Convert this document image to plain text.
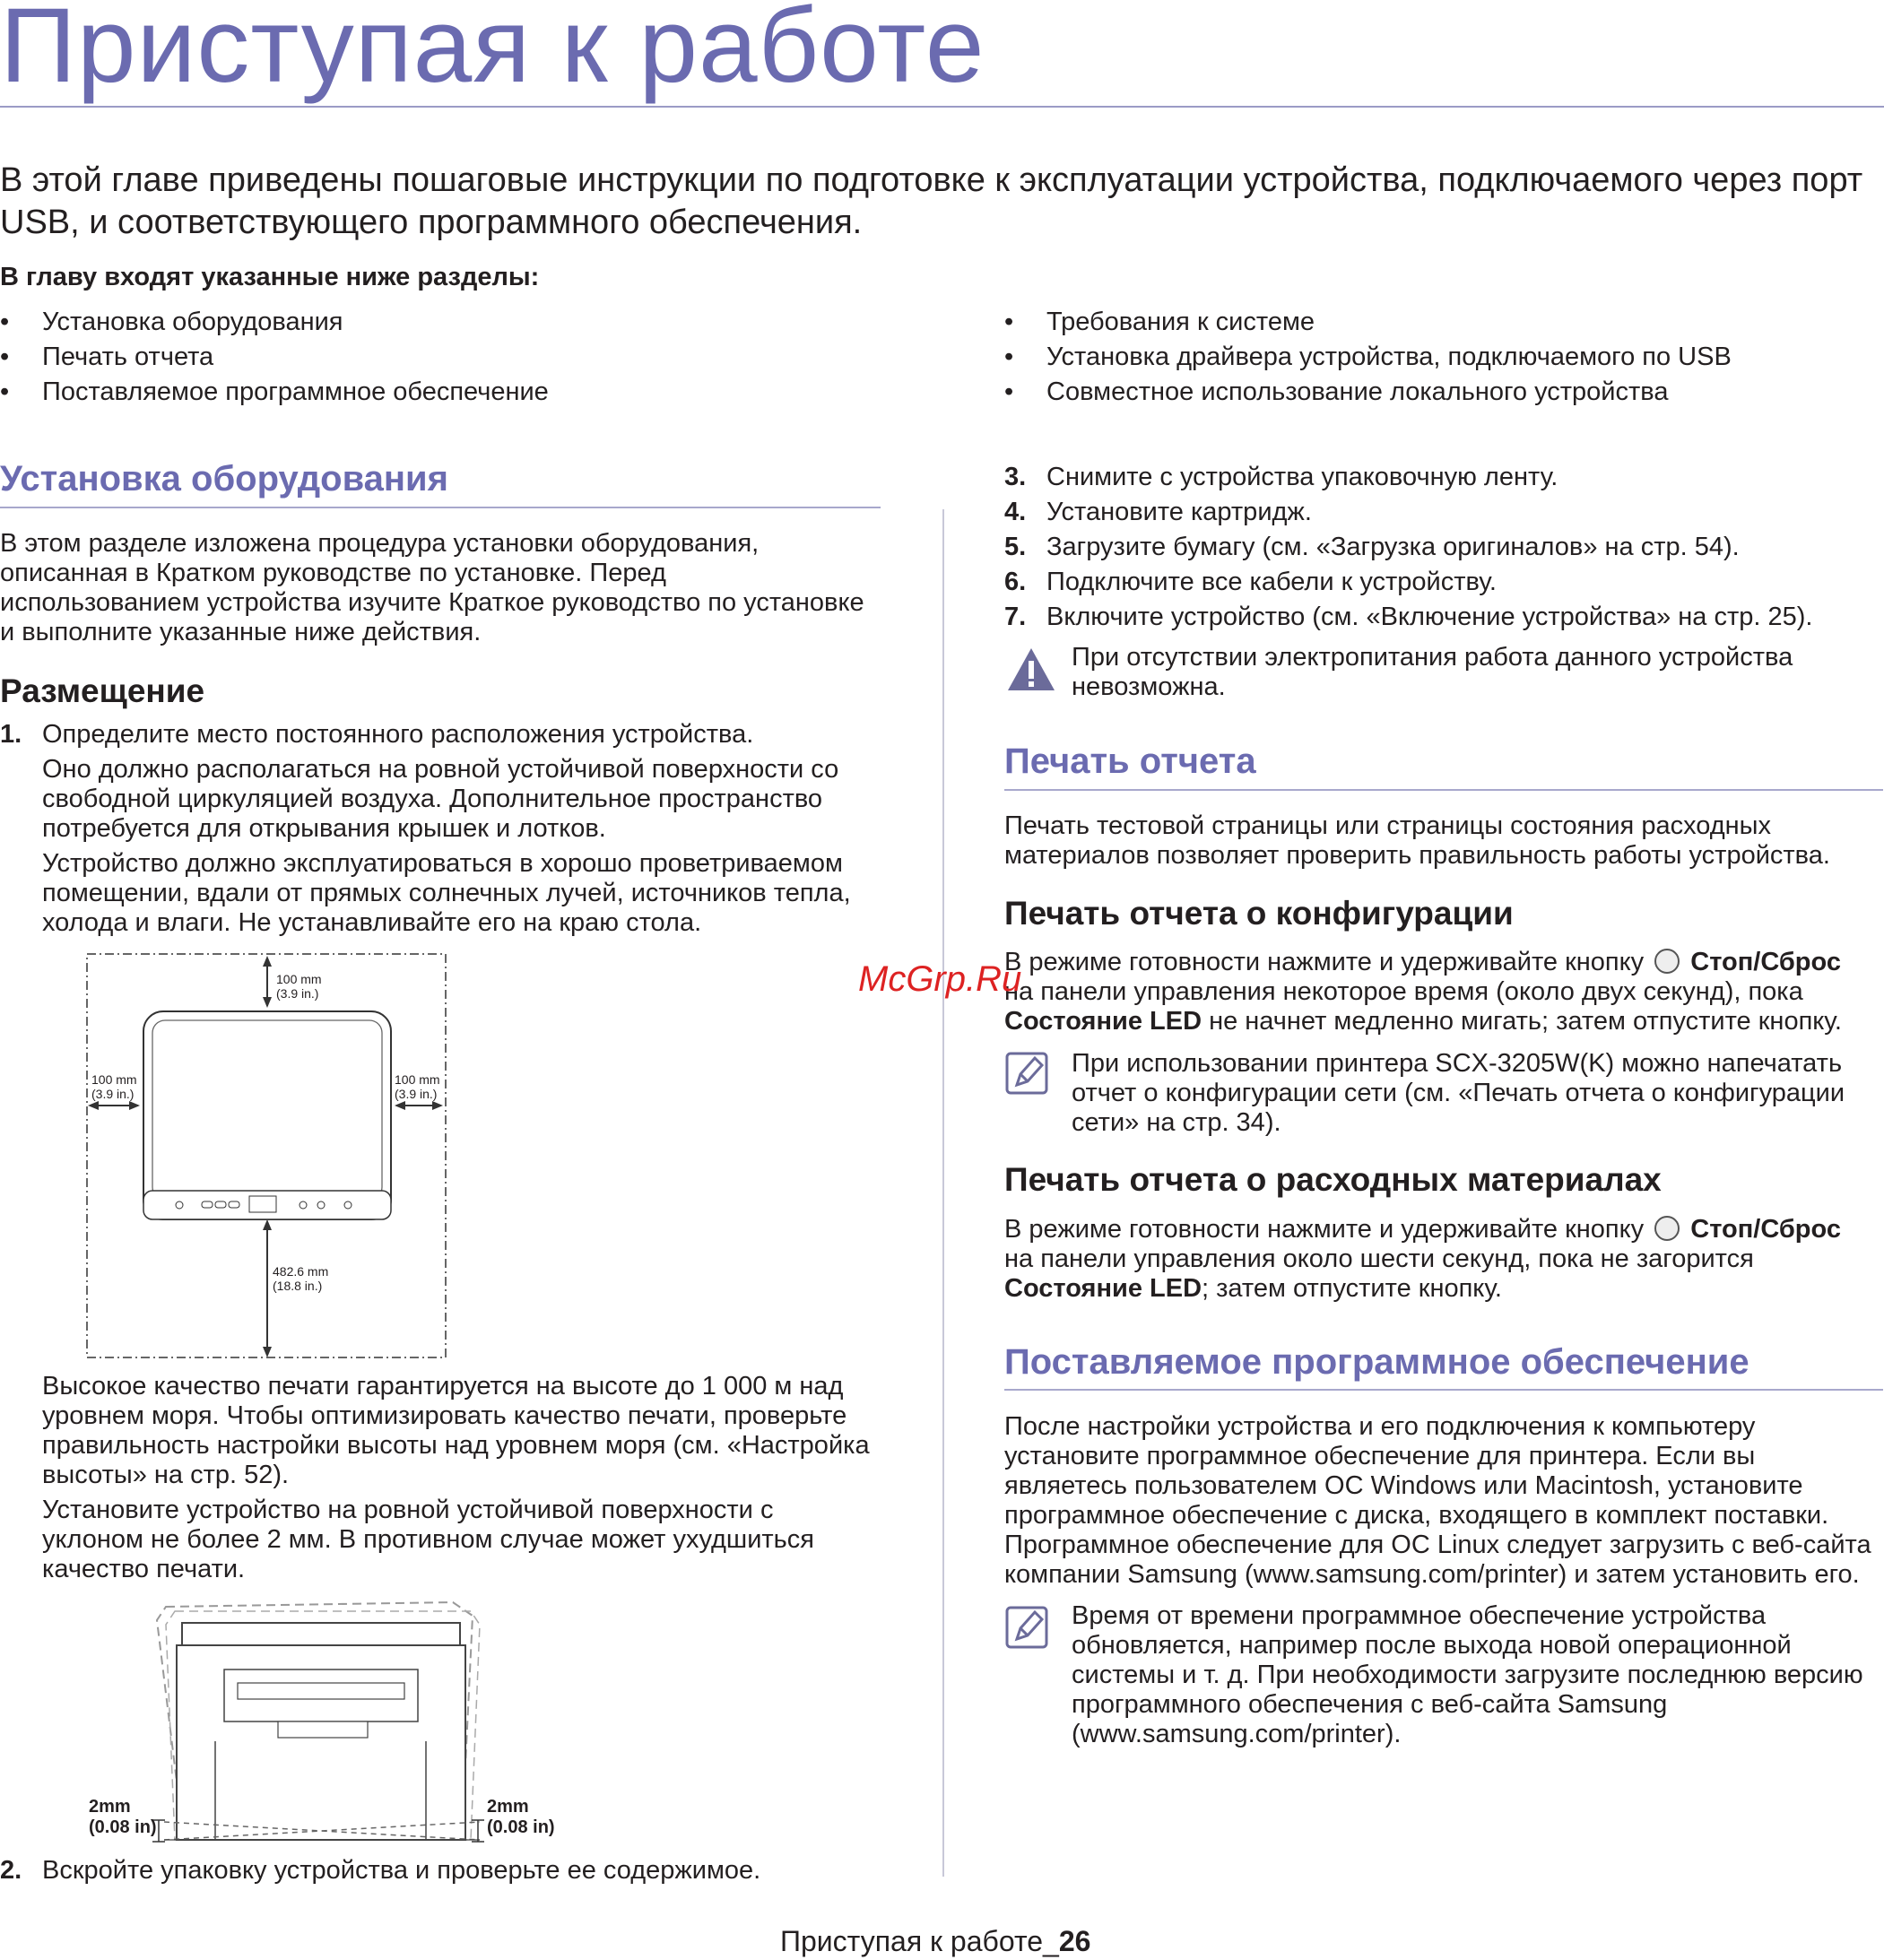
Приступая к работе
В этой главе приведены пошаговые инструкции по подготовке к эксплуатации устройства, подключаемого через порт USB, и соответствующего программного обеспечения.
В главу входят указанные ниже разделы:
• Установка оборудования
• Печать отчета
• Поставляемое программное обеспечение
• Требования к системе
• Установка драйвера устройства, подключаемого по USB
• Совместное использование локального устройства
Установка оборудования
В этом разделе изложена процедура установки оборудования,
описанная в Кратком руководстве по установке. Перед
использованием устройства изучите Краткое руководство по установке
и выполните указанные ниже действия.
Размещение
1. Определите место постоянного расположения устройства.
Оно должно располагаться на ровной устойчивой поверхности со
свободной циркуляцией воздуха. Дополнительное пространство
потребуется для открывания крышек и лотков.
Устройство должно эксплуатироваться в хорошо проветриваемом
помещении, вдали от прямых солнечных лучей, источников тепла,
холода и влаги. Не устанавливайте его на краю стола.
100 mm
(3.9 in.)
100 mm
(3.9 in.)
100 mm
(3.9 in.)
482.6 mm
(18.8 in.)
Высокое качество печати гарантируется на высоте до 1 000 м над
уровнем моря. Чтобы оптимизировать качество печати, проверьте
правильность настройки высоты над уровнем моря (см. «Настройка
высоты» на стр. 52).
Установите устройство на ровной устойчивой поверхности с
уклоном не более 2 мм. В противном случае может ухудшиться
качество печати.
2mm
(0.08 in)
2mm
(0.08 in)
2. Вскройте упаковку устройства и проверьте ее содержимое.
3. Снимите с устройства упаковочную ленту.
4. Установите картридж.
5. Загрузите бумагу (см. «Загрузка оригиналов» на стр. 54).
6. Подключите все кабели к устройству.
7. Включите устройство (см. «Включение устройства» на стр. 25).
При отсутствии электропитания работа данного устройства
невозможна.
Печать отчета
Печать тестовой страницы или страницы состояния расходных
материалов позволяет проверить правильность работы устройства.
Печать отчета о конфигурации
В режиме готовности нажмите и удерживайте кнопку Стоп/Сброс
на панели управления некоторое время (около двух секунд), пока
Состояние LED не начнет медленно мигать; затем отпустите кнопку.
При использовании принтера SCX-3205W(K) можно напечатать
отчет о конфигурации сети (см. «Печать отчета о конфигурации
сети» на стр. 34).
Печать отчета о расходных материалах
В режиме готовности нажмите и удерживайте кнопку Стоп/Сброс
на панели управления около шести секунд, пока не загорится
Состояние LED; затем отпустите кнопку.
Поставляемое программное обеспечение
После настройки устройства и его подключения к компьютеру
установите программное обеспечение для принтера. Если вы
являетесь пользователем ОС Windows или Macintosh, установите
программное обеспечение с диска, входящего в комплект поставки.
Программное обеспечение для ОС Linux следует загрузить с веб-сайта
компании Samsung (www.samsung.com/printer) и затем установить его.
Время от времени программное обеспечение устройства
обновляется, например после выхода новой операционной
системы и т. д. При необходимости загрузите последнюю версию
программного обеспечения с веб-сайта Samsung
(www.samsung.com/printer).
McGrp.Ru
Приступая к работе_26
